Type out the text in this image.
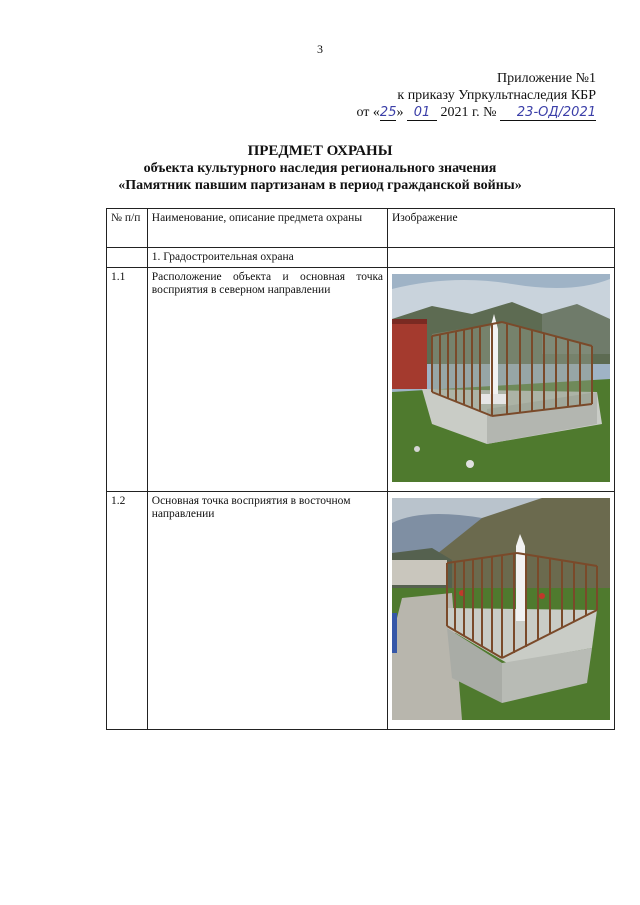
3
Приложение №1
к приказу Упркультнаследия КБР
от «25» 01 2021 г. № 23-ОД/2021
ПРЕДМЕТ ОХРАНЫ
объекта культурного наследия регионального значения
«Памятник павшим партизанам в период гражданской войны»
№ п/п	Наименование, описание предмета охраны	Изображение
	1. Градостроительная охрана	
1.1	Расположение объекта и основная точка восприятия в северном направлении	

1.2	Основная точка восприятия в восточном направлении	
